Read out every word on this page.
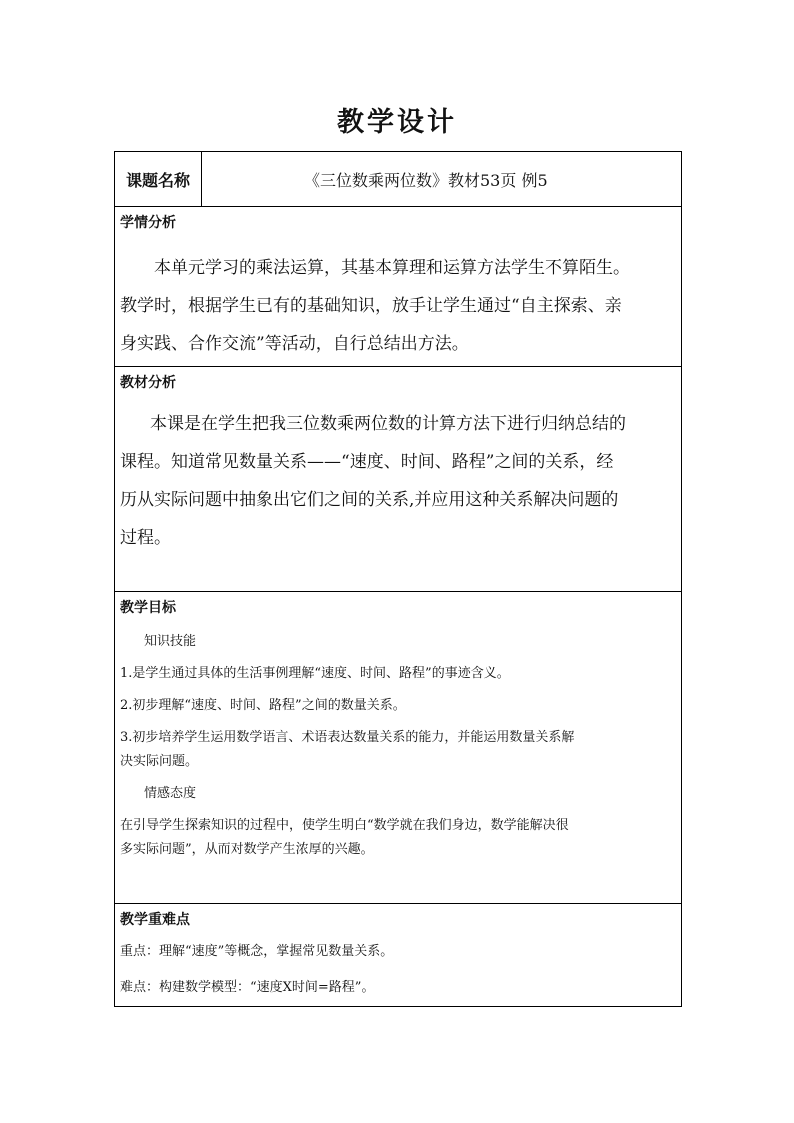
教学设计
课题名称	《三位数乘两位数》教材53页 例5

学情分析

本单元学习的乘法运算，其基本算理和运算方法学生不算陌生。

教学时，根据学生已有的基础知识，放手让学生通过“自主探索、亲

身实践、合作交流”等活动，自行总结出方法。

教材分析

本课是在学生把我三位数乘两位数的计算方法下进行归纳总结的

课程。知道常见数量关系——“速度、时间、路程”之间的关系，经

历从实际问题中抽象出它们之间的关系,并应用这种关系解决问题的

过程。

教学目标

知识技能

1.是学生通过具体的生活事例理解“速度、时间、路程”的事迹含义。

2.初步理解“速度、时间、路程”之间的数量关系。

3.初步培养学生运用数学语言、术语表达数量关系的能力，并能运用数量关系解

决实际问题。

情感态度

在引导学生探索知识的过程中，使学生明白“数学就在我们身边，数学能解决很

多实际问题”，从而对数学产生浓厚的兴趣。

教学重难点

重点：理解“速度”等概念，掌握常见数量关系。

难点：构建数学模型：“速度X时间=路程”。
